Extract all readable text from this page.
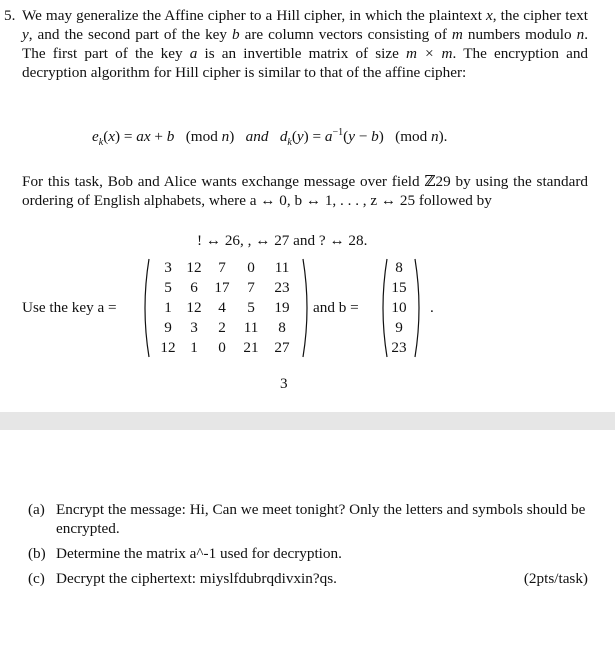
5. We may generalize the Affine cipher to a Hill cipher, in which the plaintext x, the cipher text y, and the second part of the key b are column vectors consisting of m numbers modulo n. The first part of the key a is an invertible matrix of size m × m. The encryption and decryption algorithm for Hill cipher is similar to that of the affine cipher:
$e_k(x)$ = ax + b   (mod n)   and $d_k(y) = a^{-1}(y - b)$   (mod n).
For this task, Bob and Alice wants exchange message over field ℤ29 by using the standard ordering of English alphabets, where a ↔ 0, b ↔ 1, . . . , z ↔ 25 followed by
! ↔ 26, , ↔ 27 and ? ↔ 28.
Use the key a =
3	12	7	0	11
5	6	17	7	23
1	12	4	5	19
9	3	2	11	8
12	1	0	21	27
and b =
8
15
10
9
23
.
3
(a) Encrypt the message: Hi, Can we meet tonight? Only the letters and symbols should be encrypted.
(b) Determine the matrix a^-1 used for decryption.
(c) Decrypt the ciphertext: miyslfdubrqdivxin?qs.	(2pts/task)
